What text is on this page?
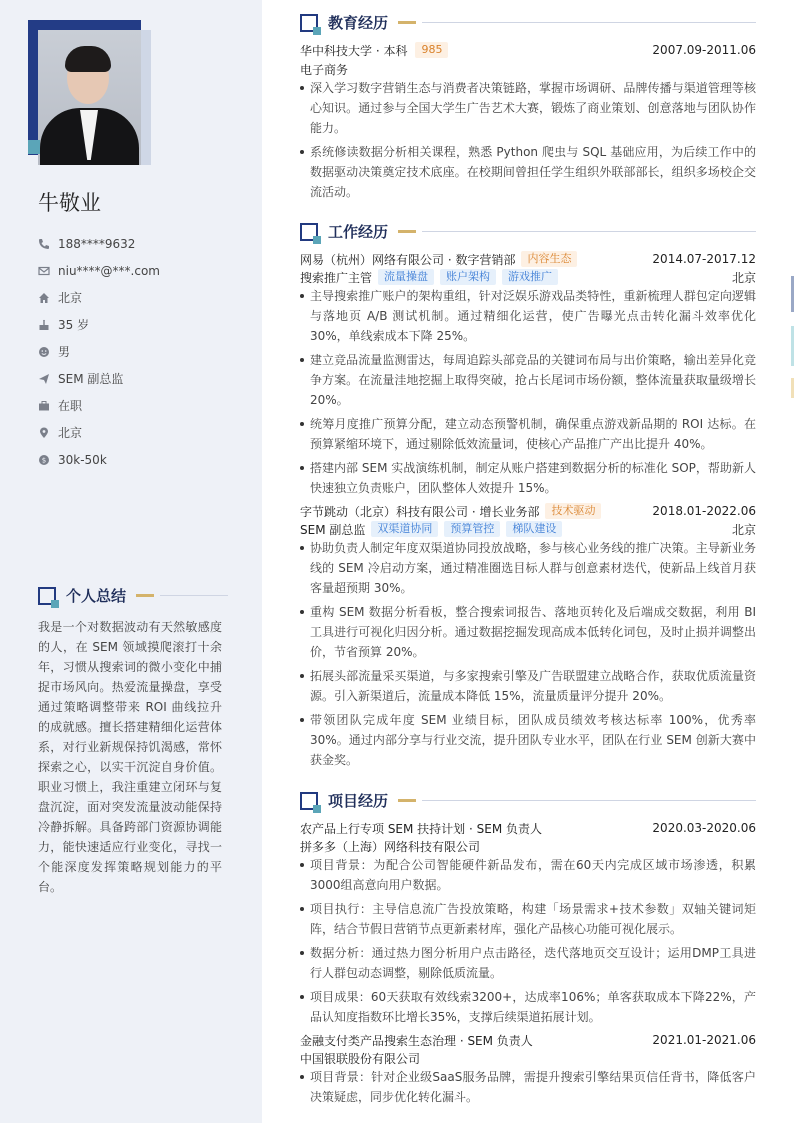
牛敬业
188****9632
niu****@***.com
北京
35 岁
男
SEM 副总监
在职
北京
$ 30k-50k
个人总结
我是一个对数据波动有天然敏感度的人，在 SEM 领域摸爬滚打十余年，习惯从搜索词的微小变化中捕捉市场风向。热爱流量操盘，享受通过策略调整带来 ROI 曲线拉升的成就感。擅长搭建精细化运营体系，对行业新规保持饥渴感，常怀探索之心，以实干沉淀自身价值。职业习惯上，我注重建立闭环与复盘沉淀，面对突发流量波动能保持冷静拆解。具备跨部门资源协调能力，能快速适应行业变化，寻找一个能深度发挥策略规划能力的平台。
教育经历
华中科技大学 · 本科	985	2007.09-2011.06
电子商务
深入学习数字营销生态与消费者决策链路，掌握市场调研、品牌传播与渠道管理等核心知识。通过参与全国大学生广告艺术大赛，锻炼了商业策划、创意落地与团队协作能力。
系统修读数据分析相关课程，熟悉 Python 爬虫与 SQL 基础应用，为后续工作中的数据驱动决策奠定技术底座。在校期间曾担任学生组织外联部部长，组织多场校企交流活动。
工作经历
网易（杭州）网络有限公司 · 数字营销部	内容生态	2014.07-2017.12
搜索推广主管	流量操盘	账户架构	游戏推广	北京
主导搜索推广账户的架构重组，针对泛娱乐游戏品类特性，重新梳理人群包定向逻辑与落地页 A/B 测试机制。通过精细化运营，使广告曝光点击转化漏斗效率优化 30%，单线索成本下降 25%。
建立竞品流量监测雷达，每周追踪头部竞品的关键词布局与出价策略，输出差异化竞争方案。在流量洼地挖掘上取得突破，抢占长尾词市场份额，整体流量获取量级增长 20%。
统筹月度推广预算分配，建立动态预警机制，确保重点游戏新品期的 ROI 达标。在预算紧缩环境下，通过剔除低效流量词，使核心产品推广产出比提升 40%。
搭建内部 SEM 实战演练机制，制定从账户搭建到数据分析的标准化 SOP，帮助新人快速独立负责账户，团队整体人效提升 15%。
字节跳动（北京）科技有限公司 · 增长业务部	技术驱动	2018.01-2022.06
SEM 副总监	双渠道协同	预算管控	梯队建设	北京
协助负责人制定年度双渠道协同投放战略，参与核心业务线的推广决策。主导新业务线的 SEM 冷启动方案，通过精准圈选目标人群与创意素材迭代，使新品上线首月获客量超预期 30%。
重构 SEM 数据分析看板，整合搜索词报告、落地页转化及后端成交数据，利用 BI 工具进行可视化归因分析。通过数据挖掘发现高成本低转化词包，及时止损并调整出价，节省预算 20%。
拓展头部流量采买渠道，与多家搜索引擎及广告联盟建立战略合作，获取优质流量资源。引入新渠道后，流量成本降低 15%，流量质量评分提升 20%。
带领团队完成年度 SEM 业绩目标，团队成员绩效考核达标率 100%，优秀率 30%。通过内部分享与行业交流，提升团队专业水平，团队在行业 SEM 创新大赛中获金奖。
项目经历
农产品上行专项 SEM 扶持计划 · SEM 负责人	2020.03-2020.06
拼多多（上海）网络科技有限公司
项目背景：为配合公司智能硬件新品发布，需在60天内完成区域市场渗透，积累3000组高意向用户数据。
项目执行：主导信息流广告投放策略，构建「场景需求+技术参数」双轴关键词矩阵，结合节假日营销节点更新素材库，强化产品核心功能可视化展示。
数据分析：通过热力图分析用户点击路径，迭代落地页交互设计；运用DMP工具进行人群包动态调整，剔除低质流量。
项目成果：60天获取有效线索3200+，达成率106%；单客获取成本下降22%，产品认知度指数环比增长35%，支撑后续渠道拓展计划。
金融支付类产品搜索生态治理 · SEM 负责人	2021.01-2021.06
中国银联股份有限公司
项目背景：针对企业级SaaS服务品牌，需提升搜索引擎结果页信任背书，降低客户决策疑虑，同步优化转化漏斗。
